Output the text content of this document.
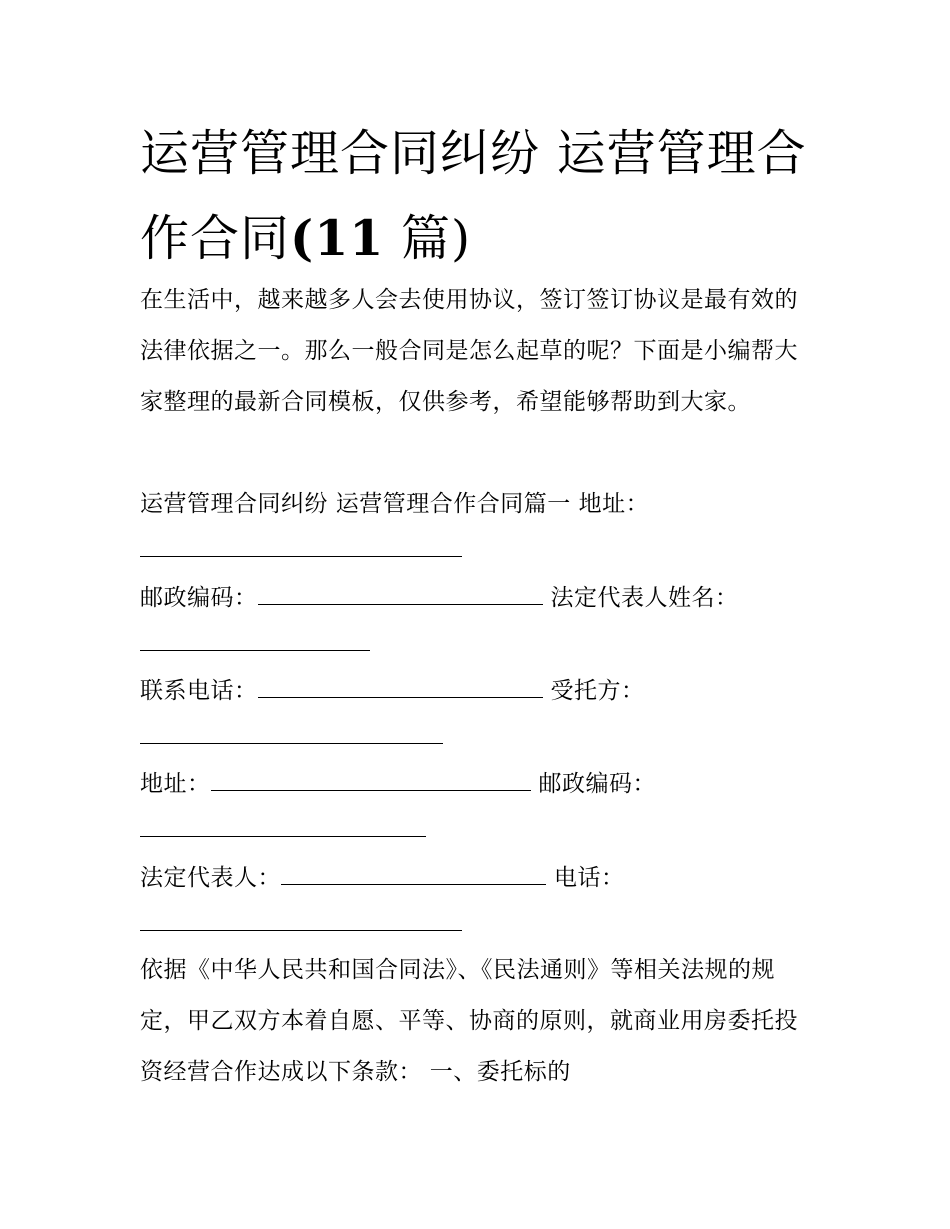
运营管理合同纠纷 运营管理合
作合同(11 篇)

在生活中，越来越多人会去使用协议，签订签订协议是最有效的法律依据之一。那么一般合同是怎么起草的呢？下面是小编帮大家整理的最新合同模板，仅供参考，希望能够帮助到大家。

运营管理合同纠纷 运营管理合作合同篇一 地址：
邮政编码：	法定代表人姓名：
联系电话：	受托方：
地址：	邮政编码：
法定代表人：	电话：

依据《中华人民共和国合同法》、《民法通则》等相关法规的规定，甲乙双方本着自愿、平等、协商的原则，就商业用房委托投资经营合作达成以下条款： 一、委托标的
